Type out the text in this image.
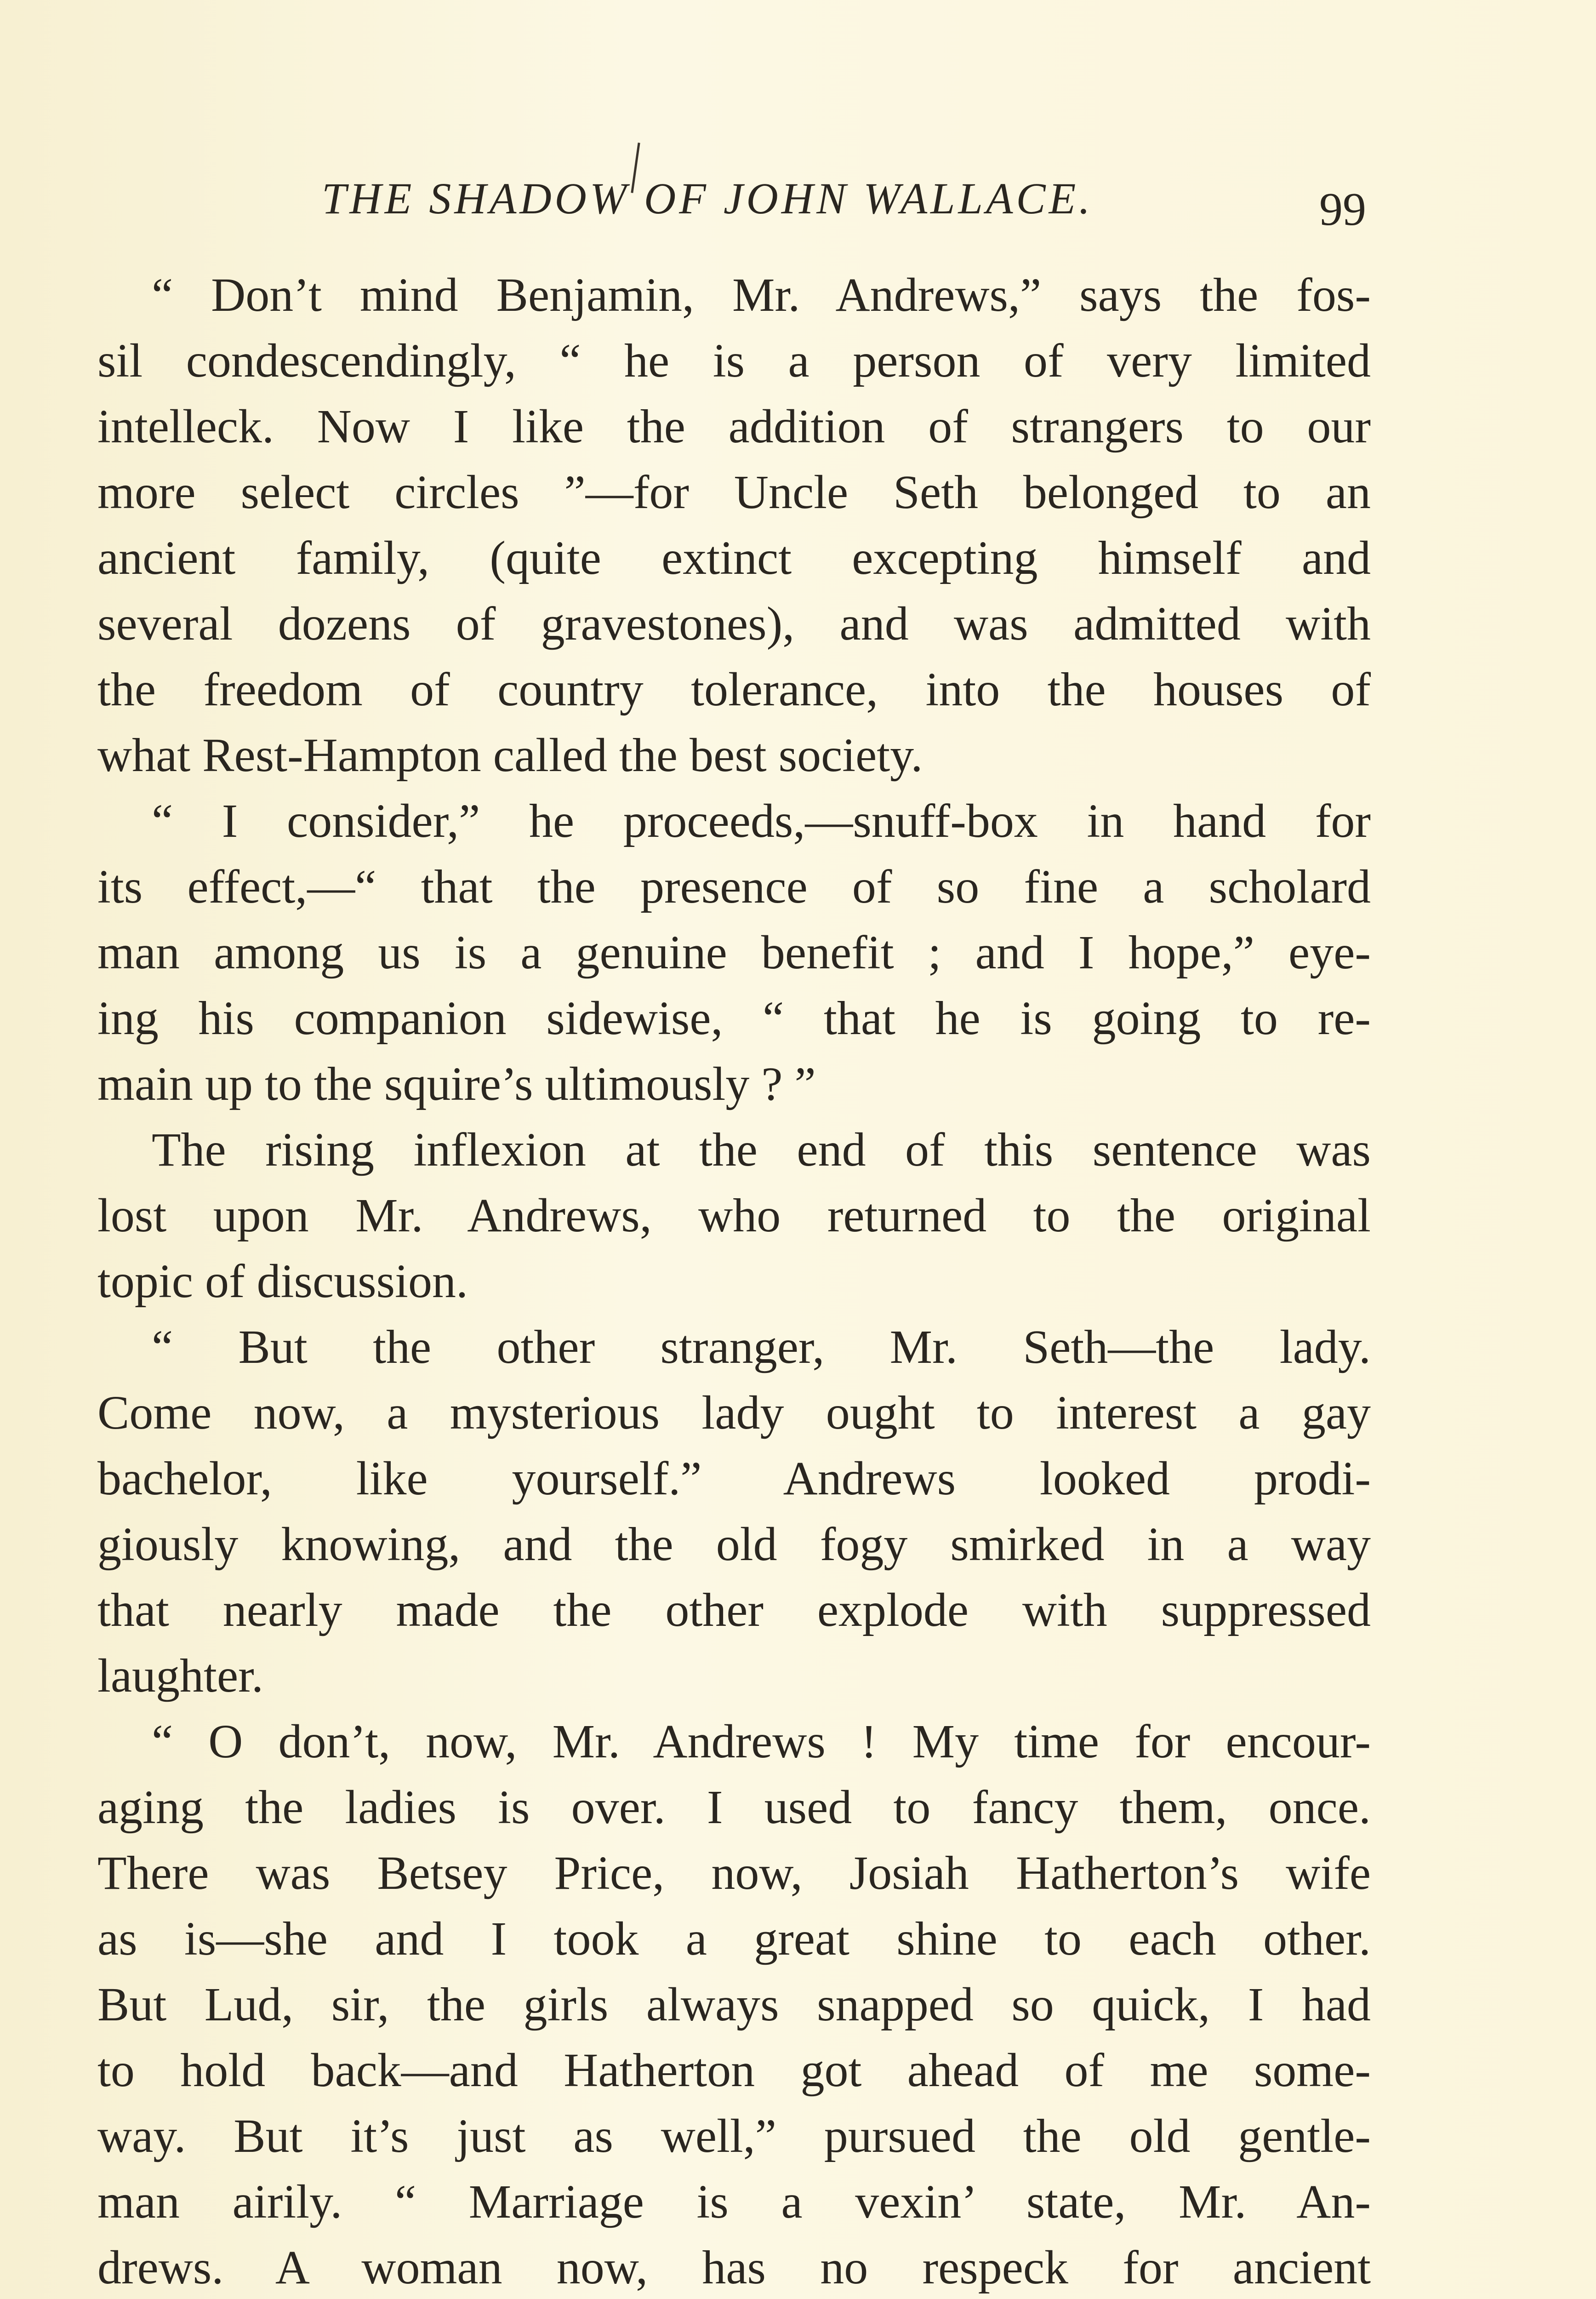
THE SHADOW OF JOHN WALLACE.	99
“ Don’t mind Benjamin, Mr. Andrews,” says the fos-
sil condescendingly, “ he is a person of very limited
intelleck. Now I like the addition of strangers to our
more select circles ”—for Uncle Seth belonged to an
ancient family, (quite extinct excepting himself and
several dozens of gravestones), and was admitted with
the freedom of country tolerance, into the houses of
what Rest-Hampton called the best society.
“ I consider,” he proceeds,—snuff-box in hand for
its effect,—“ that the presence of so fine a scholard
man among us is a genuine benefit ; and I hope,” eye-
ing his companion sidewise, “ that he is going to re-
main up to the squire’s ultimously ? ”
The rising inflexion at the end of this sentence was
lost upon Mr. Andrews, who returned to the original
topic of discussion.
“ But the other stranger, Mr. Seth—the lady.
Come now, a mysterious lady ought to interest a gay
bachelor, like yourself.” Andrews looked prodi-
giously knowing, and the old fogy smirked in a way
that nearly made the other explode with suppressed
laughter.
“ O don’t, now, Mr. Andrews ! My time for encour-
aging the ladies is over. I used to fancy them, once.
There was Betsey Price, now, Josiah Hatherton’s wife
as is—she and I took a great shine to each other.
But Lud, sir, the girls always snapped so quick, I had
to hold back—and Hatherton got ahead of me some-
way. But it’s just as well,” pursued the old gentle-
man airily. “ Marriage is a vexin’ state, Mr. An-
drews. A woman now, has no respeck for ancient
